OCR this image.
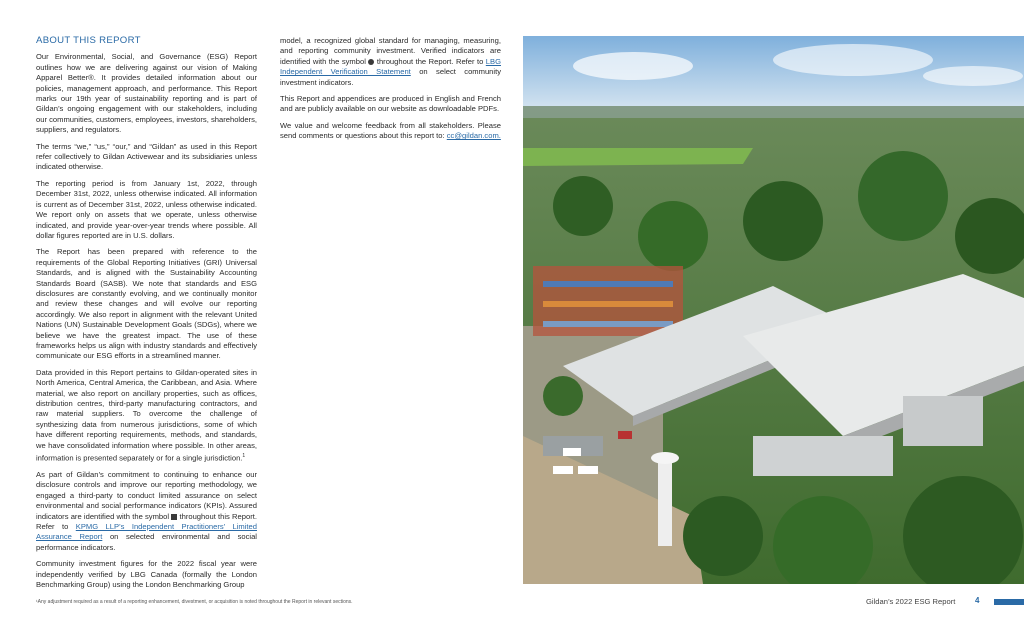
ABOUT THIS REPORT

Our Environmental, Social, and Governance (ESG) Report outlines how we are delivering against our vision of Making Apparel Better®. It provides detailed information about our policies, management approach, and performance. This Report marks our 19th year of sustainability reporting and is part of Gildan’s ongoing engagement with our stakeholders, including our communities, customers, employees, investors, shareholders, suppliers, and regulators.

The terms “we,” “us,” “our,” and “Gildan” as used in this Report refer collectively to Gildan Activewear and its subsidiaries unless indicated otherwise.

The reporting period is from January 1st, 2022, through December 31st, 2022, unless otherwise indicated. All information is current as of December 31st, 2022, unless otherwise indicated. We report only on assets that we operate, unless otherwise indicated, and provide year-over-year trends where possible. All dollar figures reported are in U.S. dollars.

The Report has been prepared with reference to the requirements of the Global Reporting Initiatives (GRI) Universal Standards, and is aligned with the Sustainability Accounting Standards Board (SASB). We note that standards and ESG disclosures are constantly evolving, and we continually monitor and review these changes and will evolve our reporting accordingly. We also report in alignment with the relevant United Nations (UN) Sustainable Development Goals (SDGs), where we believe we have the greatest impact. The use of these frameworks helps us align with industry standards and effectively communicate our ESG efforts in a streamlined manner.

Data provided in this Report pertains to Gildan-operated sites in North America, Central America, the Caribbean, and Asia. Where material, we also report on ancillary properties, such as offices, distribution centres, third-party manufacturing contractors, and raw material suppliers. To overcome the challenge of synthesizing data from numerous jurisdictions, some of which have different reporting requirements, methods, and standards, we have consolidated information where possible. In other areas, information is presented separately or for a single jurisdiction.$^1$

As part of Gildan’s commitment to continuing to enhance our disclosure controls and improve our reporting methodology, we engaged a third-party to conduct limited assurance on select environmental and social performance indicators (KPIs). Assured indicators are identified with the symbol throughout this Report. Refer to KPMG LLP’s Independent Practitioners’ Limited Assurance Report on selected environmental and social performance indicators.

Community investment figures for the 2022 fiscal year were independently verified by LBG Canada (formally the London Benchmarking Group) using the London Benchmarking Group

model, a recognized global standard for managing, measuring, and reporting community investment. Verified indicators are identified with the symbol throughout the Report. Refer to LBG Independent Verification Statement on select community investment indicators.

This Report and appendices are produced in English and French and are publicly available on our website as downloadable PDFs.

We value and welcome feedback from all stakeholders. Please send comments or questions about this report to: cc@gildan.com.

¹Any adjustment required as a result of a reporting enhancement, divestment, or acquisition is noted throughout the Report in relevant sections.	Gildan’s 2022 ESG Report 4
